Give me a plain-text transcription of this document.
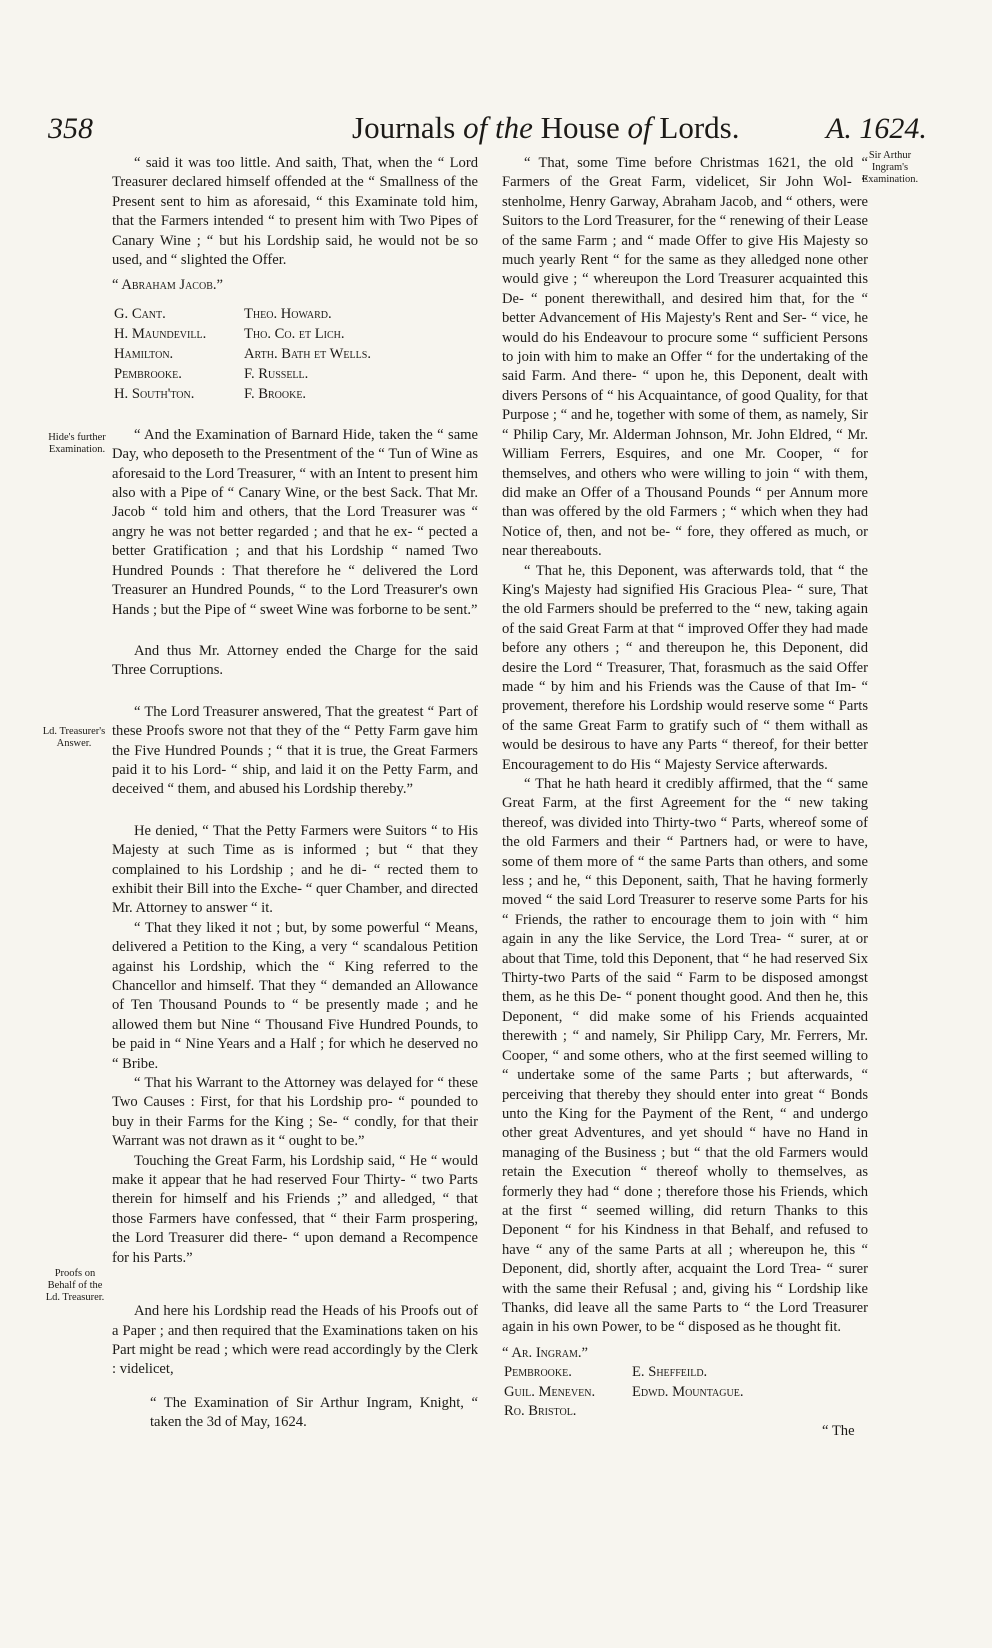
358	Journals of the House of Lords.	A. 1624.
Hide's further Examination.
Ld. Treasurer's Answer.
Proofs on Behalf of the Ld. Treasurer.
Sir Arthur Ingram's Examination.

“ said it was too little. And saith, That, when the “ Lord Treasurer declared himself offended at the “ Smallness of the Present sent to him as aforesaid, “ this Examinate told him, that the Farmers intended “ to present him with Two Pipes of Canary Wine ; “ but his Lordship said, he would not be so used, and “ slighted the Offer.

“ Abraham Jacob.”

G. Cant.	Theo. Howard.
H. Maundevill.	Tho. Co. et Lich.
Hamilton.	Arth. Bath et Wells.
Pembrooke.	F. Russell.
H. South'ton.	F. Brooke.

“ And the Examination of Barnard Hide, taken the “ same Day, who deposeth to the Presentment of the “ Tun of Wine as aforesaid to the Lord Treasurer, “ with an Intent to present him also with a Pipe of “ Canary Wine, or the best Sack. That Mr. Jacob “ told him and others, that the Lord Treasurer was “ angry he was not better regarded ; and that he ex- “ pected a better Gratification ; and that his Lordship “ named Two Hundred Pounds : That therefore he “ delivered the Lord Treasurer an Hundred Pounds, “ to the Lord Treasurer's own Hands ; but the Pipe of “ sweet Wine was forborne to be sent.”

And thus Mr. Attorney ended the Charge for the said Three Corruptions.

“ The Lord Treasurer answered, That the greatest “ Part of these Proofs swore not that they of the “ Petty Farm gave him the Five Hundred Pounds ; “ that it is true, the Great Farmers paid it to his Lord- “ ship, and laid it on the Petty Farm, and deceived “ them, and abused his Lordship thereby.”

He denied, “ That the Petty Farmers were Suitors “ to His Majesty at such Time as is informed ; but “ that they complained to his Lordship ; and he di- “ rected them to exhibit their Bill into the Exche- “ quer Chamber, and directed Mr. Attorney to answer “ it.

“ That they liked it not ; but, by some powerful “ Means, delivered a Petition to the King, a very “ scandalous Petition against his Lordship, which the “ King referred to the Chancellor and himself. That they “ demanded an Allowance of Ten Thousand Pounds to “ be presently made ; and he allowed them but Nine “ Thousand Five Hundred Pounds, to be paid in “ Nine Years and a Half ; for which he deserved no “ Bribe.

“ That his Warrant to the Attorney was delayed for “ these Two Causes : First, for that his Lordship pro- “ pounded to buy in their Farms for the King ; Se- “ condly, for that their Warrant was not drawn as it “ ought to be.”

Touching the Great Farm, his Lordship said, “ He “ would make it appear that he had reserved Four Thirty- “ two Parts therein for himself and his Friends ;” and alledged, “ that those Farmers have confessed, that “ their Farm prospering, the Lord Treasurer did there- “ upon demand a Recompence for his Parts.”

And here his Lordship read the Heads of his Proofs out of a Paper ; and then required that the Examinations taken on his Part might be read ; which were read accordingly by the Clerk : videlicet,

“ The Examination of Sir Arthur Ingram, Knight, “ taken the 3d of May, 1624.

“ That, some Time before Christmas 1621, the old “ Farmers of the Great Farm, videlicet, Sir John Wol- “ stenholme, Henry Garway, Abraham Jacob, and “ others, were Suitors to the Lord Treasurer, for the “ renewing of their Lease of the same Farm ; and “ made Offer to give His Majesty so much yearly Rent “ for the same as they alledged none other would give ; “ whereupon the Lord Treasurer acquainted this De- “ ponent therewithall, and desired him that, for the “ better Advancement of His Majesty's Rent and Ser- “ vice, he would do his Endeavour to procure some “ sufficient Persons to join with him to make an Offer “ for the undertaking of the said Farm. And there- “ upon he, this Deponent, dealt with divers Persons of “ his Acquaintance, of good Quality, for that Purpose ; “ and he, together with some of them, as namely, Sir “ Philip Cary, Mr. Alderman Johnson, Mr. John Eldred, “ Mr. William Ferrers, Esquires, and one Mr. Cooper, “ for themselves, and others who were willing to join “ with them, did make an Offer of a Thousand Pounds “ per Annum more than was offered by the old Farmers ; “ which when they had Notice of, then, and not be- “ fore, they offered as much, or near thereabouts.

“ That he, this Deponent, was afterwards told, that “ the King's Majesty had signified His Gracious Plea- “ sure, That the old Farmers should be preferred to the “ new, taking again of the said Great Farm at that “ improved Offer they had made before any others ; “ and thereupon he, this Deponent, did desire the Lord “ Treasurer, That, forasmuch as the said Offer made “ by him and his Friends was the Cause of that Im- “ provement, therefore his Lordship would reserve some “ Parts of the same Great Farm to gratify such of “ them withall as would be desirous to have any Parts “ thereof, for their better Encouragement to do His “ Majesty Service afterwards.

“ That he hath heard it credibly affirmed, that the “ same Great Farm, at the first Agreement for the “ new taking thereof, was divided into Thirty-two “ Parts, whereof some of the old Farmers and their “ Partners had, or were to have, some of them more of “ the same Parts than others, and some less ; and he, “ this Deponent, saith, That he having formerly moved “ the said Lord Treasurer to reserve some Parts for his “ Friends, the rather to encourage them to join with “ him again in any the like Service, the Lord Trea- “ surer, at or about that Time, told this Deponent, that “ he had reserved Six Thirty-two Parts of the said “ Farm to be disposed amongst them, as he this De- “ ponent thought good. And then he, this Deponent, “ did make some of his Friends acquainted therewith ; “ and namely, Sir Philipp Cary, Mr. Ferrers, Mr. Cooper, “ and some others, who at the first seemed willing to “ undertake some of the same Parts ; but afterwards, “ perceiving that thereby they should enter into great “ Bonds unto the King for the Payment of the Rent, “ and undergo other great Adventures, and yet should “ have no Hand in managing of the Business ; but “ that the old Farmers would retain the Execution “ thereof wholly to themselves, as formerly they had “ done ; therefore those his Friends, which at the first “ seemed willing, did return Thanks to this Deponent “ for his Kindness in that Behalf, and refused to have “ any of the same Parts at all ; whereupon he, this “ Deponent, did, shortly after, acquaint the Lord Trea- “ surer with the same their Refusal ; and, giving his “ Lordship like Thanks, did leave all the same Parts to “ the Lord Treasurer again in his own Power, to be “ disposed as he thought fit.

“ Ar. Ingram.”

Pembrooke.	E. Sheffeild.
Guil. Meneven.	Edwd. Mountague.
Ro. Bristol.
“ The
